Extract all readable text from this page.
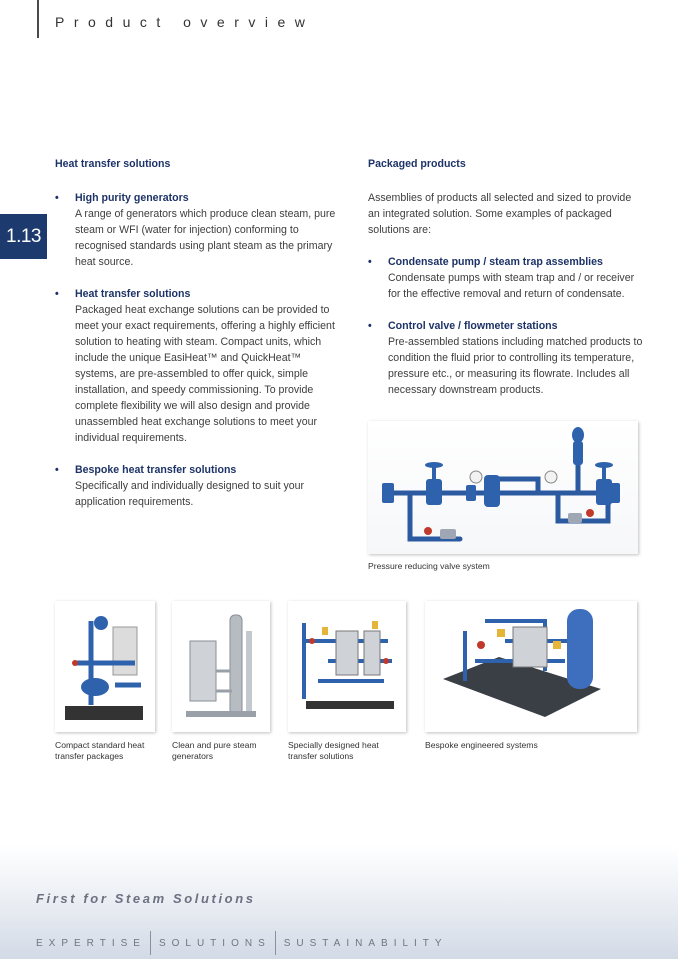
Product overview
1.13
Heat transfer solutions
• High purity generators
A range of generators which produce clean steam, pure steam or WFI (water for injection) conforming to recognised standards using plant steam as the primary heat source.
• Heat transfer solutions
Packaged heat exchange solutions can be provided to meet your exact requirements, offering a highly efficient solution to heating with steam. Compact units, which include the unique EasiHeat™ and QuickHeat™ systems, are pre-assembled to offer quick, simple installation, and speedy commissioning. To provide complete flexibility we will also design and provide unassembled heat exchange solutions to meet your individual requirements.
• Bespoke heat transfer solutions
Specifically and individually designed to suit your application requirements.
Packaged products
Assemblies of products all selected and sized to provide an integrated solution. Some examples of packaged solutions are:
• Condensate pump / steam trap assemblies
Condensate pumps with steam trap and / or receiver for the effective removal and return of condensate.
• Control valve / flowmeter stations
Pre-assembled stations including matched products to condition the fluid prior to controlling its temperature, pressure etc., or measuring its flowrate. Includes all necessary downstream products.
Pressure reducing valve system
Compact standard heat transfer packages
Clean and pure steam generators
Specially designed heat transfer solutions
Bespoke engineered systems
First for Steam Solutions
EXPERTISE SOLUTIONS SUSTAINABILITY
